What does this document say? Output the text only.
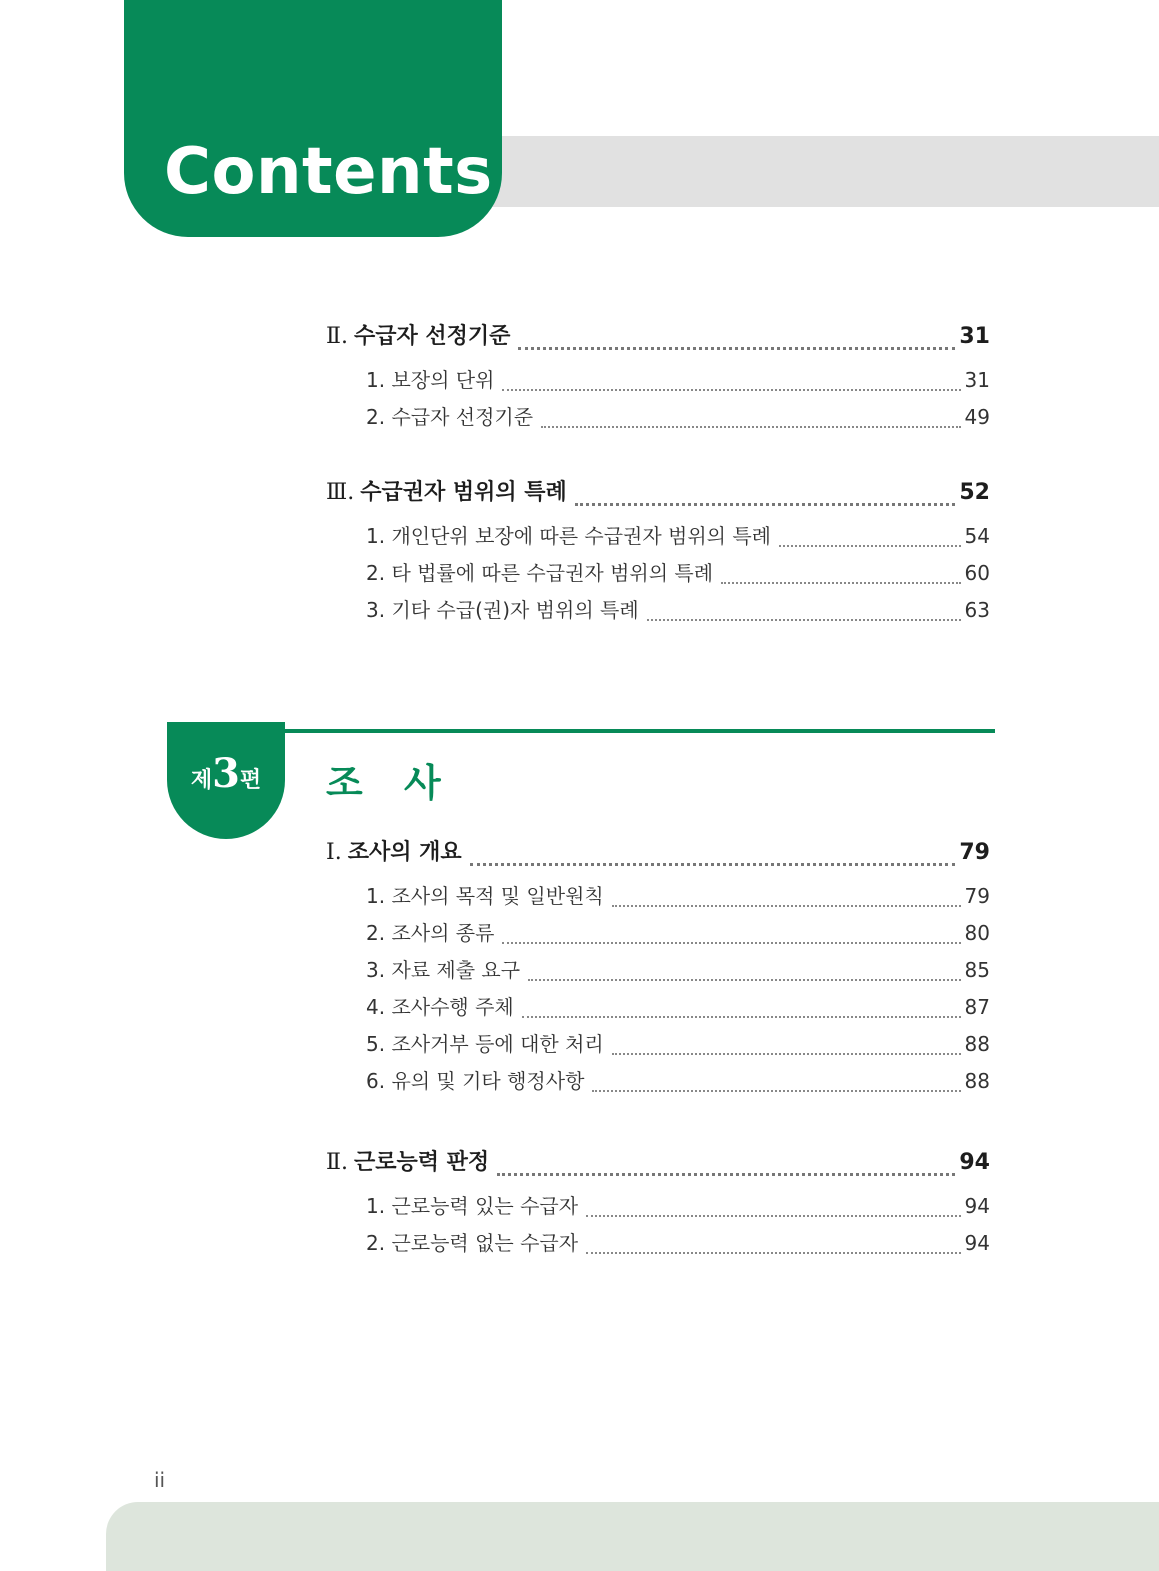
Contents
Ⅱ. 수급자 선정기준	31
1. 보장의 단위	31
2. 수급자 선정기준	49
Ⅲ. 수급권자 범위의 특례	52
1. 개인단위 보장에 따른 수급권자 범위의 특례	54
2. 타 법률에 따른 수급권자 범위의 특례	60
3. 기타 수급(권)자 범위의 특례	63
제3편	조 사
Ⅰ. 조사의 개요	79
1. 조사의 목적 및 일반원칙	79
2. 조사의 종류	80
3. 자료 제출 요구	85
4. 조사수행 주체	87
5. 조사거부 등에 대한 처리	88
6. 유의 및 기타 행정사항	88
Ⅱ. 근로능력 판정	94
1. 근로능력 있는 수급자	94
2. 근로능력 없는 수급자	94
ii
